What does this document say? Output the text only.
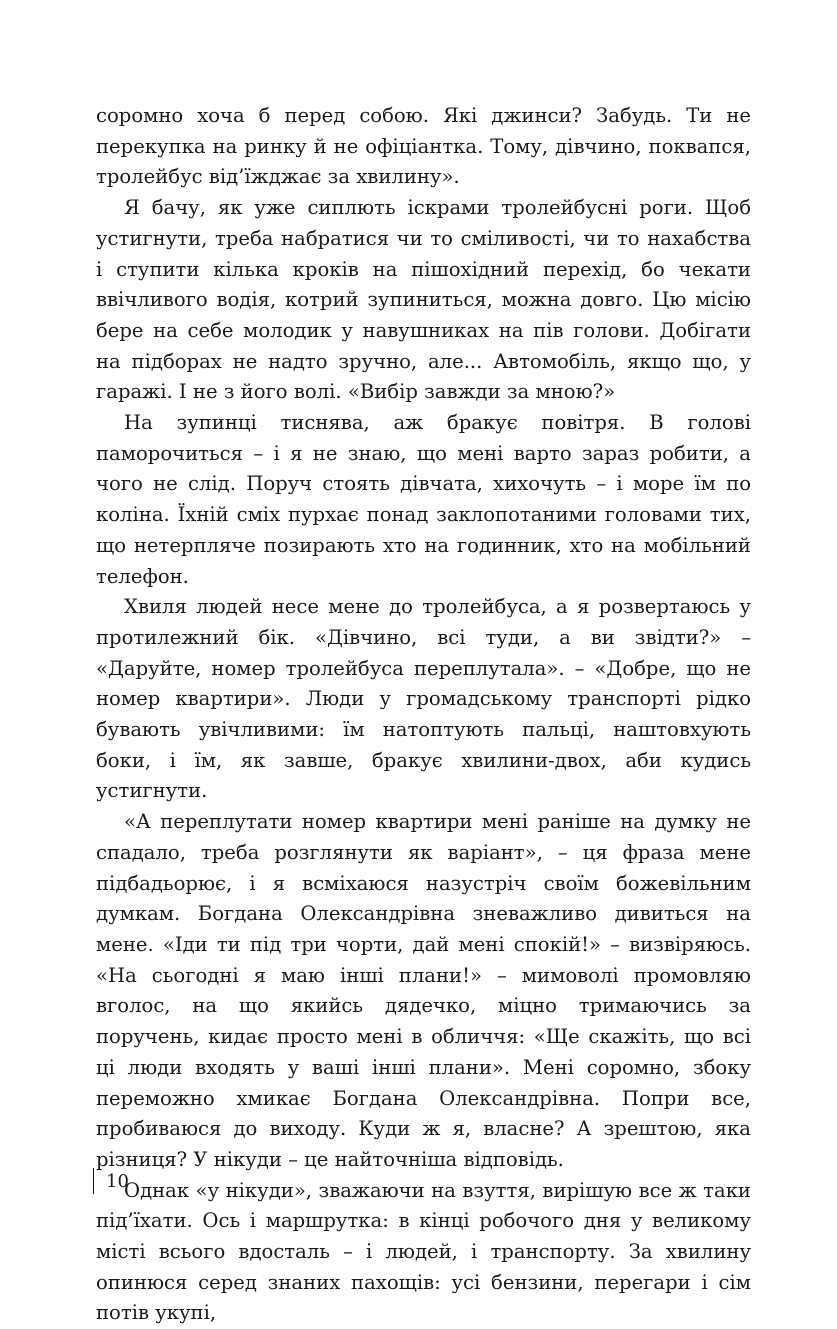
соромно хоча б перед собою. Які джинси? Забудь. Ти не перекупка на ринку й не офіціантка. Тому, дівчино, поквапся, тролейбус від’їжджає за хвилину».

Я бачу, як уже сиплють іскрами тролейбусні роги. Щоб устигнути, треба набратися чи то сміливості, чи то нахабства і ступити кілька кроків на пішохідний перехід, бо чекати ввічливого водія, котрий зупиниться, можна довго. Цю місію бере на себе молодик у навушниках на пів голови. Добігати на підборах не надто зручно, але... Автомобіль, якщо що, у гаражі. І не з його волі. «Вибір завжди за мною?»

На зупинці тиснява, аж бракує повітря. В голові паморочиться – і я не знаю, що мені варто зараз робити, а чого не слід. Поруч стоять дівчата, хихочуть – і море їм по коліна. Їхній сміх пурхає понад заклопотаними головами тих, що нетерпляче позирають хто на годинник, хто на мобільний телефон.

Хвиля людей несе мене до тролейбуса, а я розвертаюсь у протилежний бік. «Дівчино, всі туди, а ви звідти?» – «Даруйте, номер тролейбуса переплутала». – «Добре, що не номер квартири». Люди у громадському транспорті рідко бувають увічливими: їм натоптують пальці, наштовхують боки, і їм, як завше, бракує хвилини-двох, аби кудись устигнути.

«А переплутати номер квартири мені раніше на думку не спадало, треба розглянути як варіант», – ця фраза мене підбадьорює, і я всміхаюся назустріч своїм божевільним думкам. Богдана Олександрівна зневажливо дивиться на мене. «Іди ти під три чорти, дай мені спокій!» – визвіряюсь. «На сьогодні я маю інші плани!» – мимоволі промовляю вголос, на що якийсь дядечко, міцно тримаючись за поручень, кидає просто мені в обличчя: «Ще скажіть, що всі ці люди входять у ваші інші плани». Мені соромно, збоку переможно хмикає Богдана Олександрівна. Попри все, пробиваюся до виходу. Куди ж я, власне? А зрештою, яка різниця? У нікуди – це найточніша відповідь.

Однак «у нікуди», зважаючи на взуття, вирішую все ж таки під’їхати. Ось і маршрутка: в кінці робочого дня у великому місті всього вдосталь – і людей, і транспорту. За хвилину опинюся серед знаних пахощів: усі бензини, перегари і сім потів укупі,

10
